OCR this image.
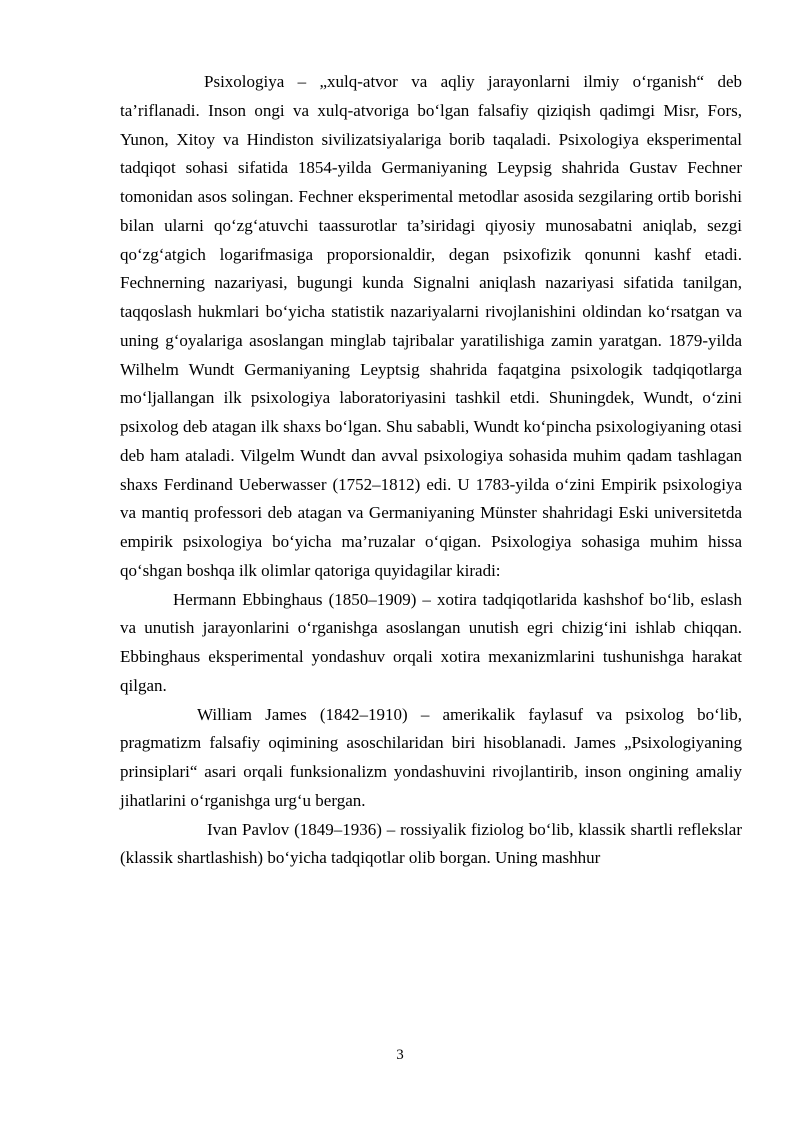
Psixologiya – „xulq-atvor va aqliy jarayonlarni ilmiy o‘rganish“ deb ta’riflanadi. Inson ongi va xulq-atvoriga bo‘lgan falsafiy qiziqish qadimgi Misr, Fors, Yunon, Xitoy va Hindiston sivilizatsiyalariga borib taqaladi. Psixologiya eksperimental tadqiqot sohasi sifatida 1854-yilda Germaniyaning Leypsig shahrida Gustav Fechner tomonidan asos solingan. Fechner eksperimental metodlar asosida sezgilaring ortib borishi bilan ularni qo‘zg‘atuvchi taassurotlar ta’siridagi qiyosiy munosabatni aniqlab, sezgi qo‘zg‘atgich logarifmasiga proporsionaldir, degan psixofizik qonunni kashf etadi. Fechnerning nazariyasi, bugungi kunda Signalni aniqlash nazariyasi sifatida tanilgan, taqqoslash hukmlari bo‘yicha statistik nazariyalarni rivojlanishini oldindan ko‘rsatgan va uning g‘oyalariga asoslangan minglab tajribalar yaratilishiga zamin yaratgan. 1879-yilda Wilhelm Wundt Germaniyaning Leyptsig shahrida faqatgina psixologik tadqiqotlarga mo‘ljallangan ilk psixologiya laboratoriyasini tashkil etdi. Shuningdek, Wundt, o‘zini psixolog deb atagan ilk shaxs bo‘lgan. Shu sababli, Wundt ko‘pincha psixologiyaning otasi deb ham ataladi. Vilgelm Wundt dan avval psixologiya sohasida muhim qadam tashlagan shaxs Ferdinand Ueberwasser (1752–1812) edi. U 1783-yilda o‘zini Empirik psixologiya va mantiq professori deb atagan va Germaniyaning Münster shahridagi Eski universitetda empirik psixologiya bo‘yicha ma’ruzalar o‘qigan. Psixologiya sohasiga muhim hissa qo‘shgan boshqa ilk olimlar qatoriga quyidagilar kiradi:

Hermann Ebbinghaus (1850–1909) – xotira tadqiqotlarida kashshof bo‘lib, eslash va unutish jarayonlarini o‘rganishga asoslangan unutish egri chizig‘ini ishlab chiqqan. Ebbinghaus eksperimental yondashuv orqali xotira mexanizmlarini tushunishga harakat qilgan.

William James (1842–1910) – amerikalik faylasuf va psixolog bo‘lib, pragmatizm falsafiy oqimining asoschilaridan biri hisoblanadi. James „Psixologiyaning prinsiplari“ asari orqali funksionalizm yondashuvini rivojlantirib, inson ongining amaliy jihatlarini o‘rganishga urg‘u bergan.

Ivan Pavlov (1849–1936) – rossiyalik fiziolog bo‘lib, klassik shartli reflekslar (klassik shartlashish) bo‘yicha tadqiqotlar olib borgan. Uning mashhur

3
